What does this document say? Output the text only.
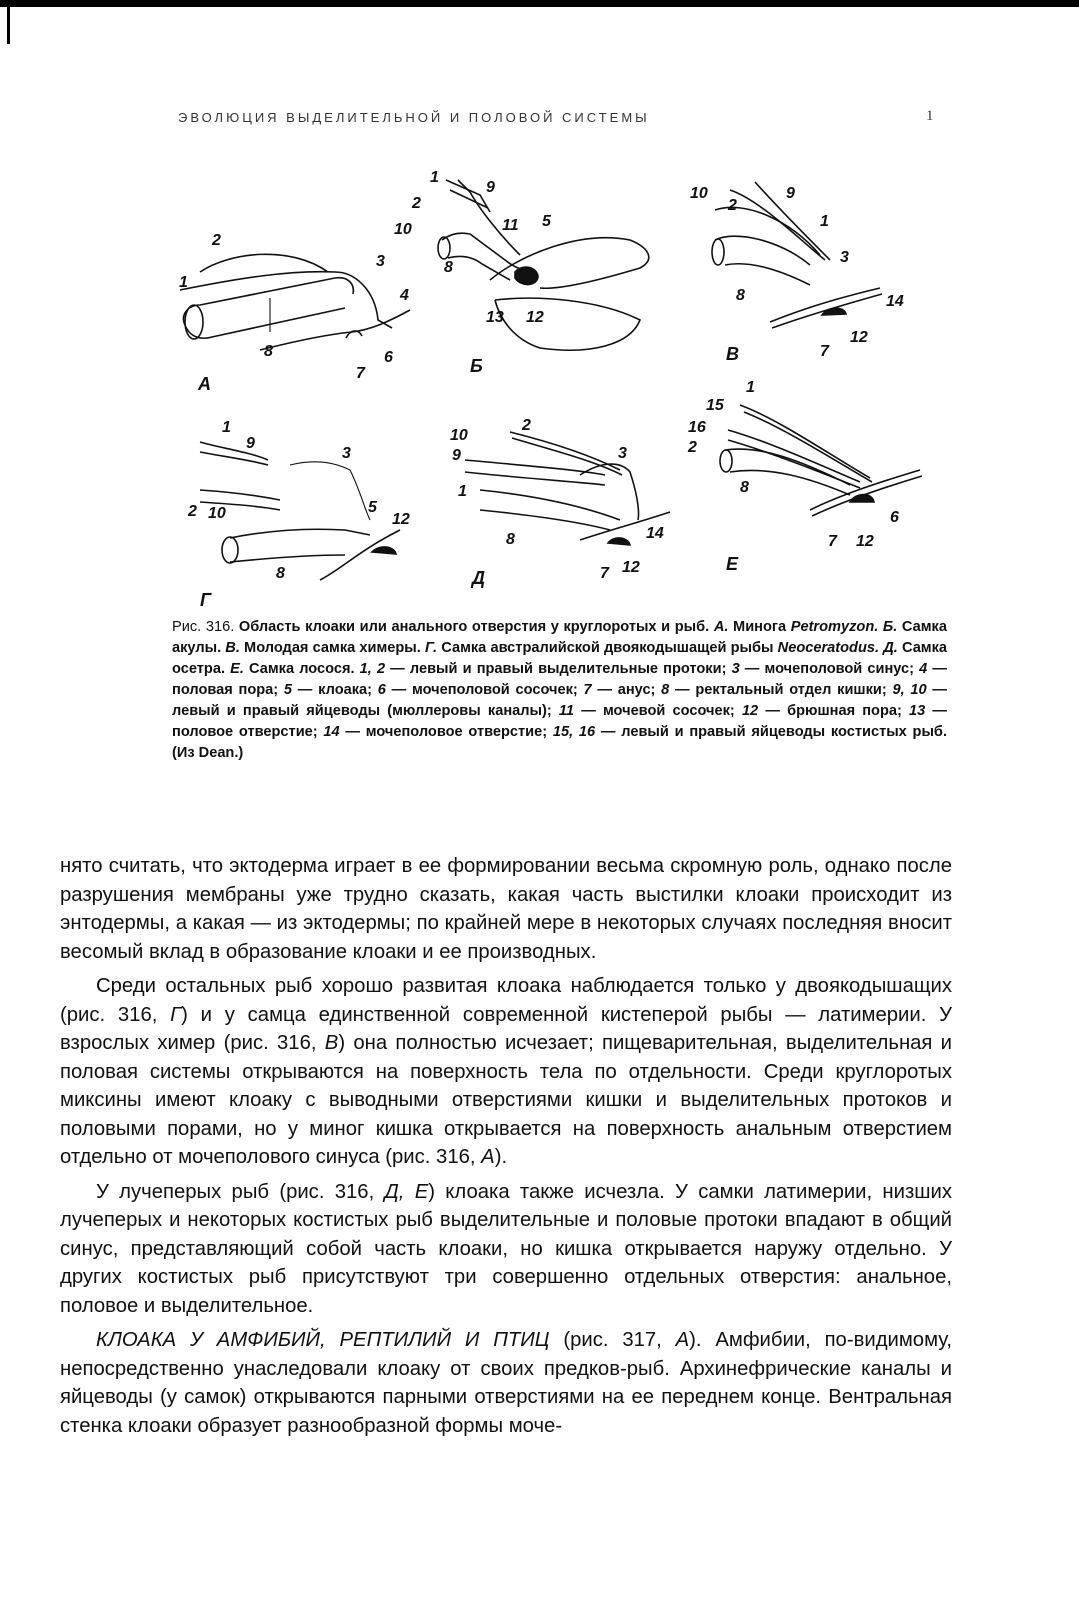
ЭВОЛЮЦИЯ ВЫДЕЛИТЕЛЬНОЙ И ПОЛОВОЙ СИСТЕМЫ	1
8
1
2
3
4
6
7
А
2
1
9
10
8
11 5
13 12
Б
10
2
9
1
3
8	14
7
12
В
1
9
3
2 10	5
12
8
Г
10
2
9	3
1
8	14
7 12
Д
1
15
16
2
8
6
7 12
Е
Рис. 316. Область клоаки или анального отверстия у круглоротых и рыб. А. Минога Petromyzon. Б. Самка акулы. В. Молодая самка химеры. Г. Самка австралийской двоякодышащей рыбы Neoceratodus. Д. Самка осетра. Е. Самка лосося. 1, 2 — левый и правый выделительные протоки; 3 — мочеполовой синус; 4 — половая пора; 5 — клоака; 6 — мочеполовой сосочек; 7 — анус; 8 — ректальный отдел кишки; 9, 10 — левый и правый яйцеводы (мюллеровы каналы); 11 — мочевой сосочек; 12 — брюшная пора; 13 — половое отверстие; 14 — мочеполовое отверстие; 15, 16 — левый и правый яйцеводы костистых рыб. (Из Dean.)

нято считать, что эктодерма играет в ее формировании весьма скромную роль, однако после разрушения мембраны уже трудно сказать, какая часть выстилки клоаки происходит из энтодермы, а какая — из эктодермы; по крайней мере в некоторых случаях последняя вносит весомый вклад в образование клоаки и ее производных.

Среди остальных рыб хорошо развитая клоака наблюдается только у двоякодышащих (рис. 316, Г) и у самца единственной современной кистеперой рыбы — латимерии. У взрослых химер (рис. 316, В) она полностью исчезает; пищеварительная, выделительная и половая системы открываются на поверхность тела по отдельности. Среди круглоротых миксины имеют клоаку с выводными отверстиями кишки и выделительных протоков и половыми порами, но у миног кишка открывается на поверхность анальным отверстием отдельно от мочеполового синуса (рис. 316, А).

У лучеперых рыб (рис. 316, Д, Е) клоака также исчезла. У самки латимерии, низших лучеперых и некоторых костистых рыб выделительные и половые протоки впадают в общий синус, представляющий собой часть клоаки, но кишка открывается наружу отдельно. У других костистых рыб присутствуют три совершенно отдельных отверстия: анальное, половое и выделительное.

КЛОАКА У АМФИБИЙ, РЕПТИЛИЙ И ПТИЦ (рис. 317, А). Амфибии, по-видимому, непосредственно унаследовали клоаку от своих предков-рыб. Архинефрические каналы и яйцеводы (у самок) открываются парными отверстиями на ее переднем конце. Вентральная стенка клоаки образует разнообразной формы моче-
